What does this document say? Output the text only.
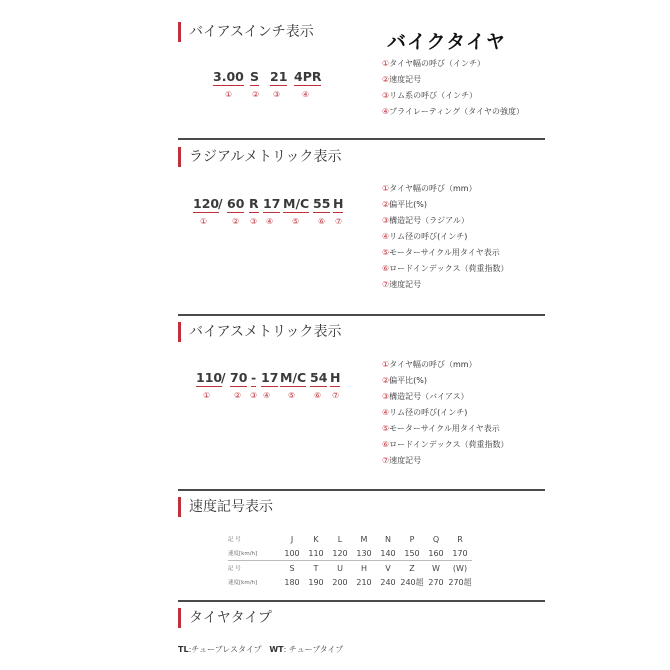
バイクタイヤ
バイアスインチ表示
3.00 S 21 4PR
① ② ③	④
①タイヤ幅の呼び（インチ）
②速度記号
③リム系の呼び（インチ）
④プライレーティング（タイヤの強度）
ラジアルメトリック表示
120
/ 60 R 17 M/C 55 H
①	② ③ ④ ⑤ ⑥ ⑦
①タイヤ幅の呼び（mm）
②偏平比(%)
③構造記号（ラジアル）
④リム径の呼び(インチ)
⑤モーターサイクル用タイヤ表示
⑥ロードインデックス（荷重指数）
⑦速度記号
バイアスメトリック表示
110
/ 70 - 17 M/C 54 H
①	② ③ ④ ⑤ ⑥ ⑦
①タイヤ幅の呼び（mm）
②偏平比(%)
③構造記号（バイアス）
④リム径の呼び(インチ)
⑤モーターサイクル用タイヤ表示
⑥ロードインデックス（荷重指数）
⑦速度記号
速度記号表示
記 号	J	K	L	M	N	P	Q	R
速度[km/h]	100	110	120	130	140	150	160	170
記 号	S	T	U	H	V	Z	W	(W)
速度[km/h]	180	190	200	210	240	240超	270	270超
タイヤタイプ
TL:チューブレスタイプ WT: チューブタイプ
